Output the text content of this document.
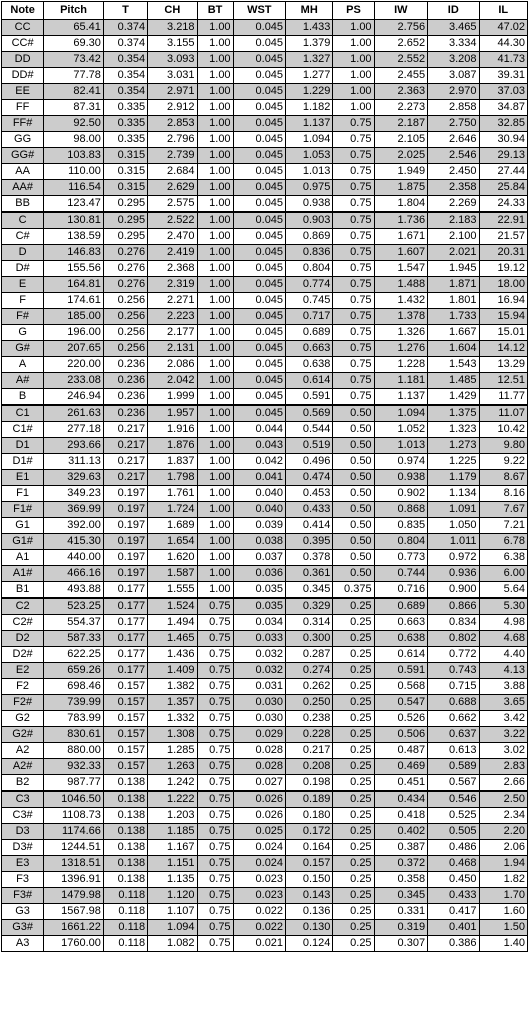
Note	Pitch	T	CH	BT	WST	MH	PS	IW	ID	IL
CC	65.41	0.374	3.218	1.00	0.045	1.433	1.00	2.756	3.465	47.02
CC#	69.30	0.374	3.155	1.00	0.045	1.379	1.00	2.652	3.334	44.30
DD	73.42	0.354	3.093	1.00	0.045	1.327	1.00	2.552	3.208	41.73
DD#	77.78	0.354	3.031	1.00	0.045	1.277	1.00	2.455	3.087	39.31
EE	82.41	0.354	2.971	1.00	0.045	1.229	1.00	2.363	2.970	37.03
FF	87.31	0.335	2.912	1.00	0.045	1.182	1.00	2.273	2.858	34.87
FF#	92.50	0.335	2.853	1.00	0.045	1.137	0.75	2.187	2.750	32.85
GG	98.00	0.335	2.796	1.00	0.045	1.094	0.75	2.105	2.646	30.94
GG#	103.83	0.315	2.739	1.00	0.045	1.053	0.75	2.025	2.546	29.13
AA	110.00	0.315	2.684	1.00	0.045	1.013	0.75	1.949	2.450	27.44
AA#	116.54	0.315	2.629	1.00	0.045	0.975	0.75	1.875	2.358	25.84
BB	123.47	0.295	2.575	1.00	0.045	0.938	0.75	1.804	2.269	24.33
C	130.81	0.295	2.522	1.00	0.045	0.903	0.75	1.736	2.183	22.91
C#	138.59	0.295	2.470	1.00	0.045	0.869	0.75	1.671	2.100	21.57
D	146.83	0.276	2.419	1.00	0.045	0.836	0.75	1.607	2.021	20.31
D#	155.56	0.276	2.368	1.00	0.045	0.804	0.75	1.547	1.945	19.12
E	164.81	0.276	2.319	1.00	0.045	0.774	0.75	1.488	1.871	18.00
F	174.61	0.256	2.271	1.00	0.045	0.745	0.75	1.432	1.801	16.94
F#	185.00	0.256	2.223	1.00	0.045	0.717	0.75	1.378	1.733	15.94
G	196.00	0.256	2.177	1.00	0.045	0.689	0.75	1.326	1.667	15.01
G#	207.65	0.256	2.131	1.00	0.045	0.663	0.75	1.276	1.604	14.12
A	220.00	0.236	2.086	1.00	0.045	0.638	0.75	1.228	1.543	13.29
A#	233.08	0.236	2.042	1.00	0.045	0.614	0.75	1.181	1.485	12.51
B	246.94	0.236	1.999	1.00	0.045	0.591	0.75	1.137	1.429	11.77
C1	261.63	0.236	1.957	1.00	0.045	0.569	0.50	1.094	1.375	11.07
C1#	277.18	0.217	1.916	1.00	0.044	0.544	0.50	1.052	1.323	10.42
D1	293.66	0.217	1.876	1.00	0.043	0.519	0.50	1.013	1.273	9.80
D1#	311.13	0.217	1.837	1.00	0.042	0.496	0.50	0.974	1.225	9.22
E1	329.63	0.217	1.798	1.00	0.041	0.474	0.50	0.938	1.179	8.67
F1	349.23	0.197	1.761	1.00	0.040	0.453	0.50	0.902	1.134	8.16
F1#	369.99	0.197	1.724	1.00	0.040	0.433	0.50	0.868	1.091	7.67
G1	392.00	0.197	1.689	1.00	0.039	0.414	0.50	0.835	1.050	7.21
G1#	415.30	0.197	1.654	1.00	0.038	0.395	0.50	0.804	1.011	6.78
A1	440.00	0.197	1.620	1.00	0.037	0.378	0.50	0.773	0.972	6.38
A1#	466.16	0.197	1.587	1.00	0.036	0.361	0.50	0.744	0.936	6.00
B1	493.88	0.177	1.555	1.00	0.035	0.345	0.375	0.716	0.900	5.64
C2	523.25	0.177	1.524	0.75	0.035	0.329	0.25	0.689	0.866	5.30
C2#	554.37	0.177	1.494	0.75	0.034	0.314	0.25	0.663	0.834	4.98
D2	587.33	0.177	1.465	0.75	0.033	0.300	0.25	0.638	0.802	4.68
D2#	622.25	0.177	1.436	0.75	0.032	0.287	0.25	0.614	0.772	4.40
E2	659.26	0.177	1.409	0.75	0.032	0.274	0.25	0.591	0.743	4.13
F2	698.46	0.157	1.382	0.75	0.031	0.262	0.25	0.568	0.715	3.88
F2#	739.99	0.157	1.357	0.75	0.030	0.250	0.25	0.547	0.688	3.65
G2	783.99	0.157	1.332	0.75	0.030	0.238	0.25	0.526	0.662	3.42
G2#	830.61	0.157	1.308	0.75	0.029	0.228	0.25	0.506	0.637	3.22
A2	880.00	0.157	1.285	0.75	0.028	0.217	0.25	0.487	0.613	3.02
A2#	932.33	0.157	1.263	0.75	0.028	0.208	0.25	0.469	0.589	2.83
B2	987.77	0.138	1.242	0.75	0.027	0.198	0.25	0.451	0.567	2.66
C3	1046.50	0.138	1.222	0.75	0.026	0.189	0.25	0.434	0.546	2.50
C3#	1108.73	0.138	1.203	0.75	0.026	0.180	0.25	0.418	0.525	2.34
D3	1174.66	0.138	1.185	0.75	0.025	0.172	0.25	0.402	0.505	2.20
D3#	1244.51	0.138	1.167	0.75	0.024	0.164	0.25	0.387	0.486	2.06
E3	1318.51	0.138	1.151	0.75	0.024	0.157	0.25	0.372	0.468	1.94
F3	1396.91	0.138	1.135	0.75	0.023	0.150	0.25	0.358	0.450	1.82
F3#	1479.98	0.118	1.120	0.75	0.023	0.143	0.25	0.345	0.433	1.70
G3	1567.98	0.118	1.107	0.75	0.022	0.136	0.25	0.331	0.417	1.60
G3#	1661.22	0.118	1.094	0.75	0.022	0.130	0.25	0.319	0.401	1.50
A3	1760.00	0.118	1.082	0.75	0.021	0.124	0.25	0.307	0.386	1.40
